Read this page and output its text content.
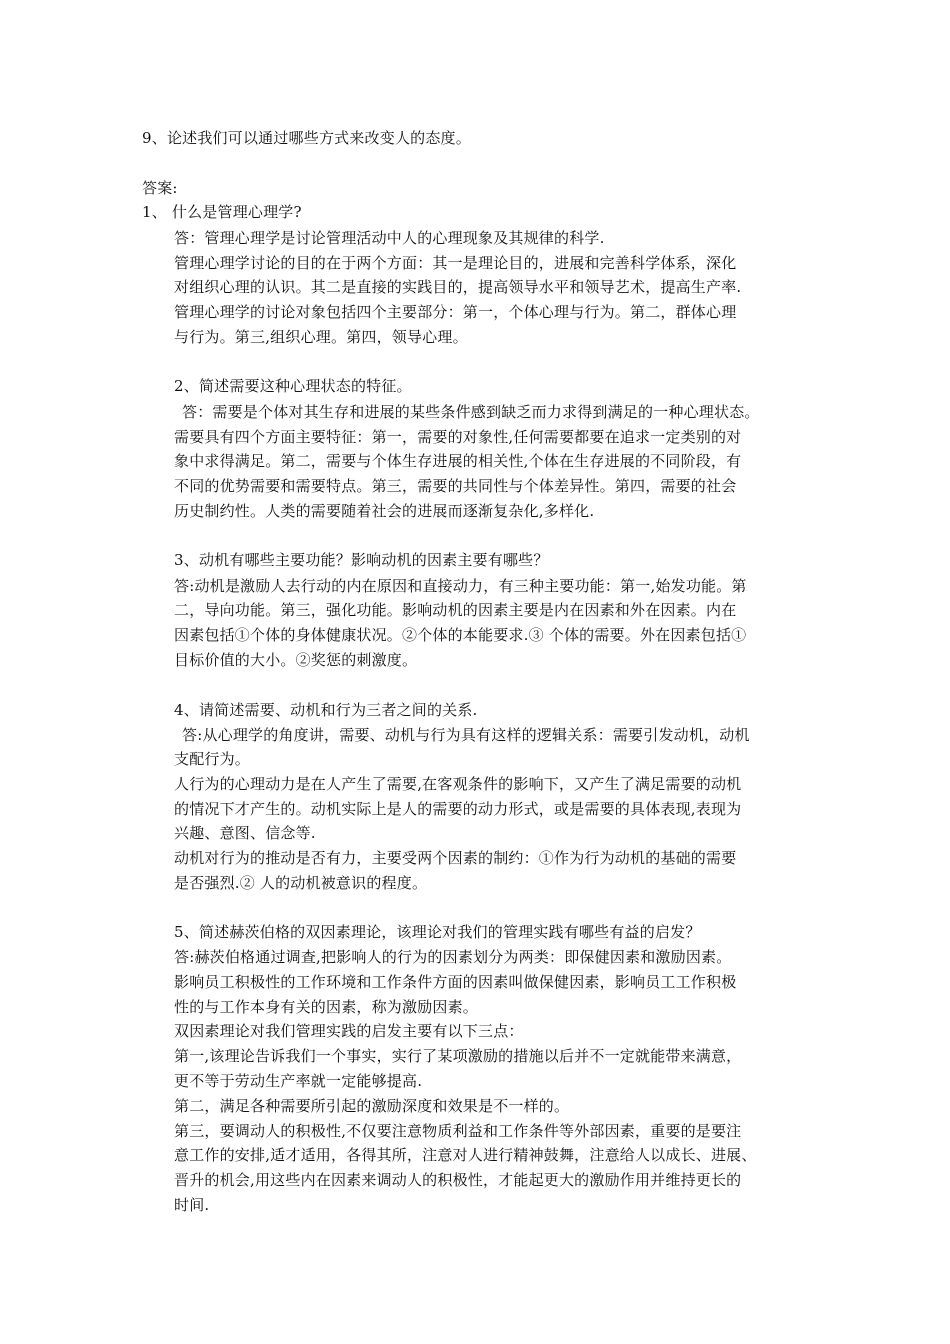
9、论述我们可以通过哪些方式来改变人的态度。
答案:
1、 什么是管理心理学?
答：管理心理学是讨论管理活动中人的心理现象及其规律的科学.
管理心理学讨论的目的在于两个方面：其一是理论目的，进展和完善科学体系，深化
对组织心理的认识。其二是直接的实践目的，提高领导水平和领导艺术，提高生产率.
管理心理学的讨论对象包括四个主要部分：第一，个体心理与行为。第二，群体心理
与行为。第三,组织心理。第四，领导心理。
2、简述需要这种心理状态的特征。
答：需要是个体对其生存和进展的某些条件感到缺乏而力求得到满足的一种心理状态。
需要具有四个方面主要特征：第一，需要的对象性,任何需要都要在追求一定类别的对
象中求得满足。第二，需要与个体生存进展的相关性,个体在生存进展的不同阶段，有
不同的优势需要和需要特点。第三，需要的共同性与个体差异性。第四，需要的社会
历史制约性。人类的需要随着社会的进展而逐渐复杂化,多样化.
3、动机有哪些主要功能？影响动机的因素主要有哪些？
答:动机是激励人去行动的内在原因和直接动力，有三种主要功能：第一,始发功能。第
二，导向功能。第三，强化功能。影响动机的因素主要是内在因素和外在因素。内在
因素包括①个体的身体健康状况。②个体的本能要求.③ 个体的需要。外在因素包括①
目标价值的大小。②奖惩的刺激度。
4、请简述需要、动机和行为三者之间的关系.
答:从心理学的角度讲，需要、动机与行为具有这样的逻辑关系：需要引发动机，动机
支配行为。
人行为的心理动力是在人产生了需要,在客观条件的影响下，又产生了满足需要的动机
的情况下才产生的。动机实际上是人的需要的动力形式，或是需要的具体表现,表现为
兴趣、意图、信念等.
动机对行为的推动是否有力，主要受两个因素的制约：①作为行为动机的基础的需要
是否强烈.② 人的动机被意识的程度。
5、简述赫茨伯格的双因素理论，该理论对我们的管理实践有哪些有益的启发？
答:赫茨伯格通过调查,把影响人的行为的因素划分为两类：即保健因素和激励因素。
影响员工积极性的工作环境和工作条件方面的因素叫做保健因素，影响员工工作积极
性的与工作本身有关的因素，称为激励因素。
双因素理论对我们管理实践的启发主要有以下三点：
第一,该理论告诉我们一个事实，实行了某项激励的措施以后并不一定就能带来满意，
更不等于劳动生产率就一定能够提高.
第二，满足各种需要所引起的激励深度和效果是不一样的。
第三，要调动人的积极性,不仅要注意物质利益和工作条件等外部因素，重要的是要注
意工作的安排,适才适用，各得其所，注意对人进行精神鼓舞，注意给人以成长、进展、
晋升的机会,用这些内在因素来调动人的积极性，才能起更大的激励作用并维持更长的
时间.
